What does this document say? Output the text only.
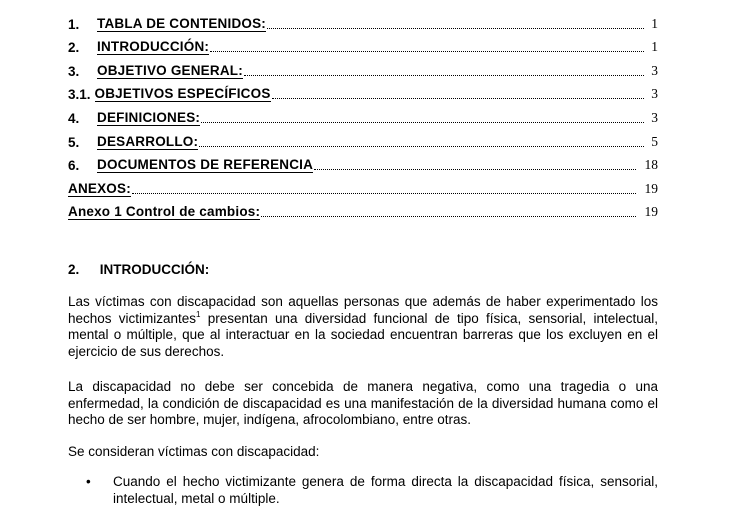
1.	TABLA DE CONTENIDOS:	1
2.	INTRODUCCIÓN:	1
3.	OBJETIVO GENERAL:	3
3.1. OBJETIVOS ESPECÍFICOS	3
4.	DEFINICIONES:	3
5.	DESARROLLO:	5
6.	DOCUMENTOS DE REFERENCIA	18
ANEXOS:	19
Anexo 1 Control de cambios:	19
2. INTRODUCCIÓN:
Las víctimas con discapacidad son aquellas personas que además de haber experimentado los hechos victimizantes$^1$ presentan una diversidad funcional de tipo física, sensorial, intelectual, mental o múltiple, que al interactuar en la sociedad encuentran barreras que los excluyen en el ejercicio de sus derechos.
La discapacidad no debe ser concebida de manera negativa, como una tragedia o una enfermedad, la condición de discapacidad es una manifestación de la diversidad humana como el hecho de ser hombre, mujer, indígena, afrocolombiano, entre otras.
Se consideran víctimas con discapacidad:
• Cuando el hecho victimizante genera de forma directa la discapacidad física, sensorial, intelectual, metal o múltiple.
